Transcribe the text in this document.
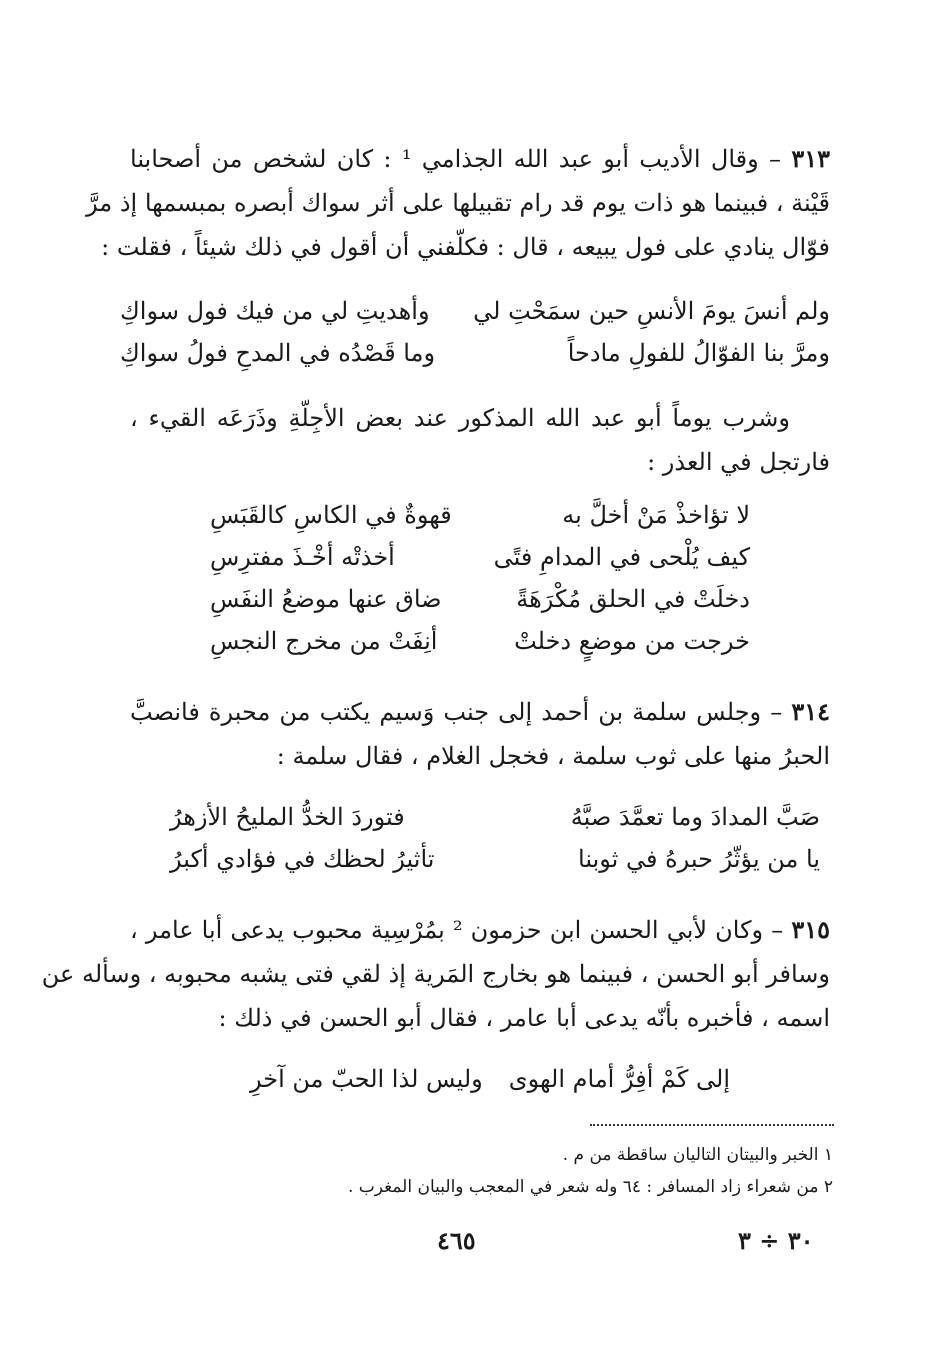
٣١٣ – وقال الأديب أبو عبد الله الجذامي ¹ : كان لشخص من أصحابنا
قَيْنة ، فبينما هو ذات يوم قد رام تقبيلها على أثر سواك أبصره بمبسمها إذ مرَّ
فوّال ينادي على فول يبيعه ، قال : فكلّفني أن أقول في ذلك شيئاً ، فقلت :
ولم أنسَ يومَ الأنسِ حين سمَحْتِ لي
وأهديتِ لي من فيك فول سواكِ
ومرَّ بنا الفوّالُ للفولِ مادحاً
وما قَصْدُه في المدحِ فولُ سواكِ
وشرب يوماً أبو عبد الله المذكور عند بعض الأجِلّةِ وذَرَعَه القيء ،
فارتجل في العذر :
لا تؤاخذْ مَنْ أخلَّ به
قهوةٌ في الكاسِ كالقَبَسِ
كيف يُلْحى في المدامِ فتًى
أخذتْه أخْـذَ مفترِسِ
دخلَتْ في الحلق مُكْرَهَةً
ضاق عنها موضعُ النفَسِ
خرجت من موضعٍ دخلتْ
أنِفَتْ من مخرج النجسِ
٣١٤ – وجلس سلمة بن أحمد إلى جنب وَسيم يكتب من محبرة فانصبَّ
الحبرُ منها على ثوب سلمة ، فخجل الغلام ، فقال سلمة :
صَبَّ المدادَ وما تعمَّدَ صبَّهُ
فتوردَ الخدُّ المليحُ الأزهرُ
يا من يؤثّرُ حبرهُ في ثوبنا
تأثيرُ لحظك في فؤادي أكبرُ
٣١٥ – وكان لأبي الحسن ابن حزمون ² بمُرْسِية محبوب يدعى أبا عامر ،
وسافر أبو الحسن ، فبينما هو بخارج المَرية إذ لقي فتى يشبه محبوبه ، وسأله عن
اسمه ، فأخبره بأنّه يدعى أبا عامر ، فقال أبو الحسن في ذلك :
إلى كَمْ أفِرُّ أمام الهوى
وليس لذا الحبّ من آخرِ
١ الخبر والبيتان التاليان ساقطة من م .
٢ من شعراء زاد المسافر : ٦٤ وله شعر في المعجب والبيان المغرب .
٤٦٥	٣٠ ÷ ٣
